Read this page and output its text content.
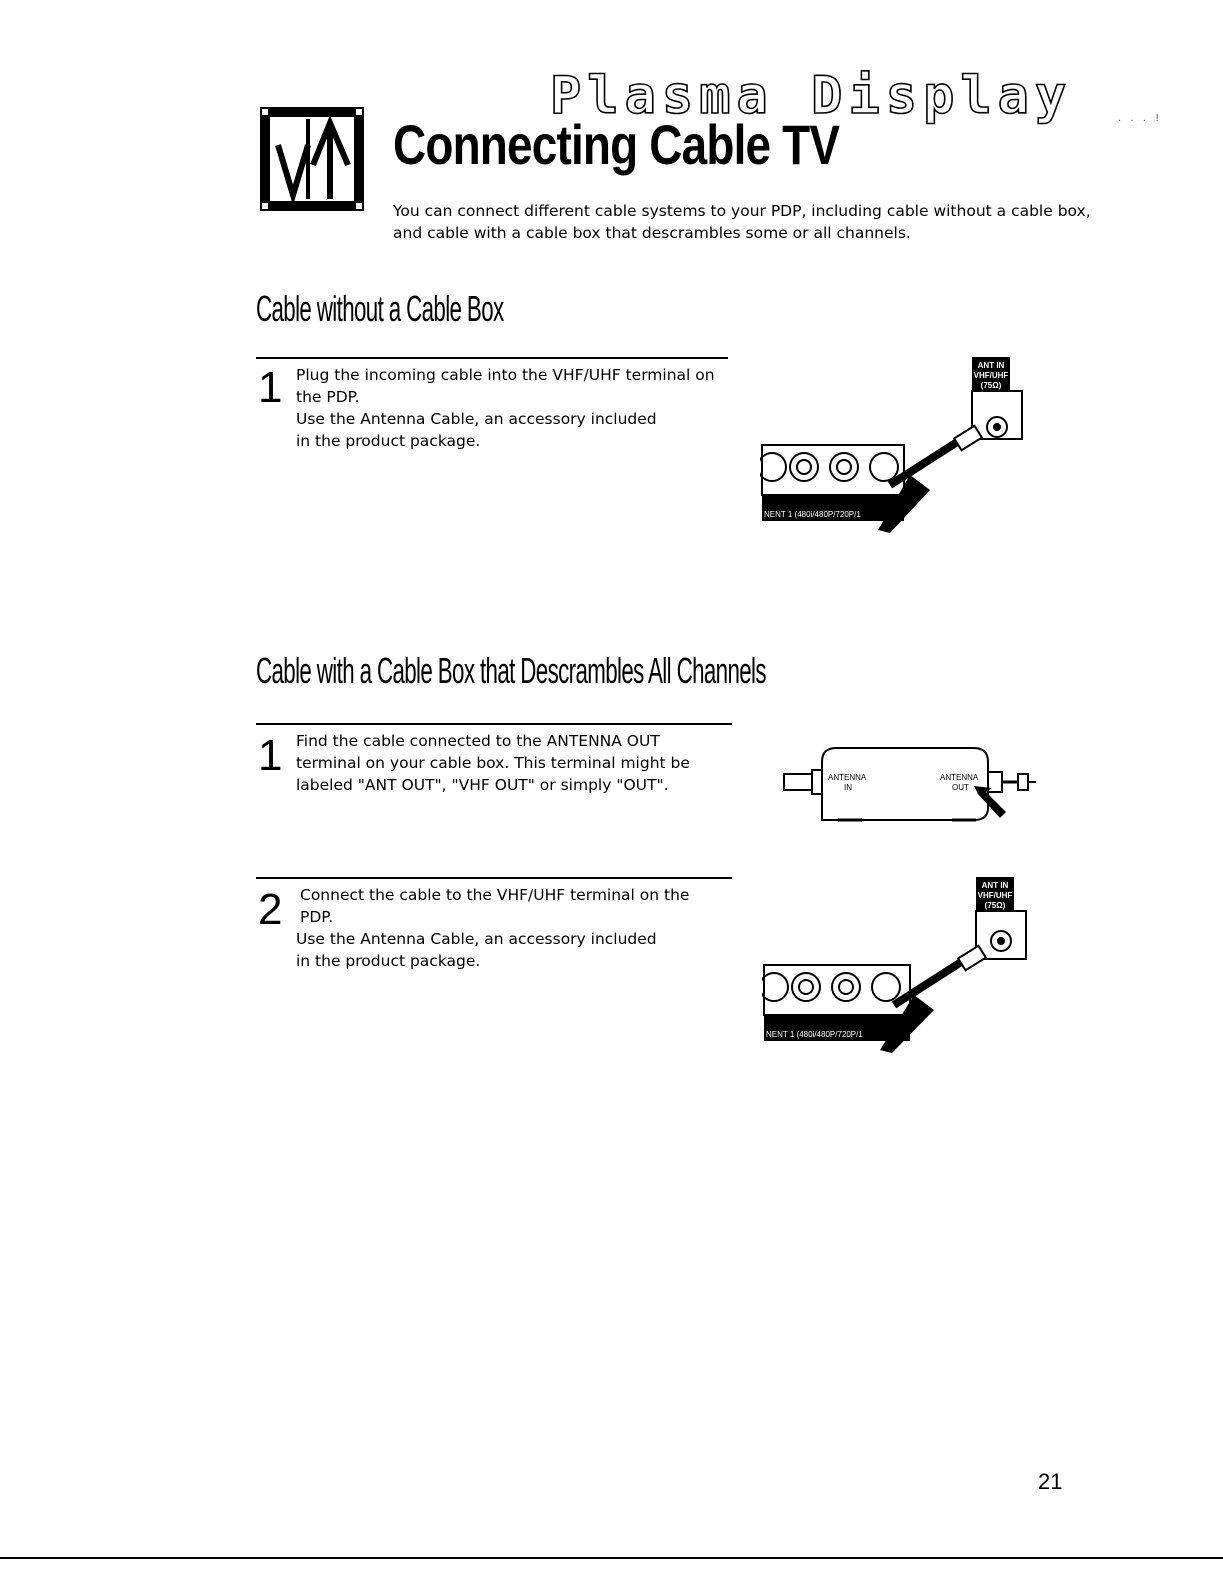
Plasma Display
Connecting Cable TV
You can connect different cable systems to your PDP, including cable without a cable box, and cable with a cable box that descrambles some or all channels.
. . . !
Cable without a Cable Box
1 Plug the incoming cable into the VHF/UHF terminal on
the PDP.
Use the Antenna Cable, an accessory included
in the product package.
-AUDIO
NENT 1 (480i/480P/720P/1
ANT IN
VHF/UHF
(75Ω)
Cable with a Cable Box that Descrambles All Channels
1 Find the cable connected to the ANTENNA OUT
terminal on your cable box. This terminal might be
labeled "ANT OUT", "VHF OUT" or simply "OUT".	ANTENNA
IN
ANTENNA
OUT
2 Connect the cable to the VHF/UHF terminal on the
PDP.
Use the Antenna Cable, an accessory included
in the product package.
-AUDIO
NENT 1 (480i/480P/720P/1
ANT IN
VHF/UHF
(75Ω)
21
